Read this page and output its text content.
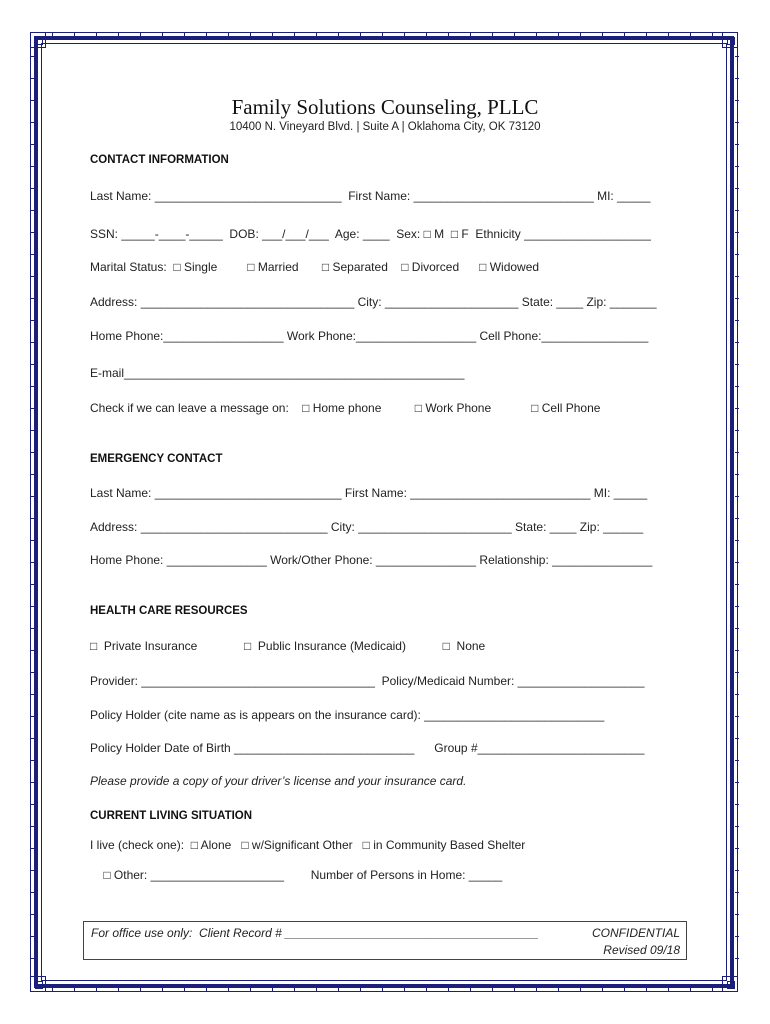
Family Solutions Counseling, PLLC
10400 N. Vineyard Blvd. | Suite A | Oklahoma City, OK 73120
CONTACT INFORMATION
Last Name: ____________________________  First Name: ___________________________ MI: _____
SSN: _____-____-_____  DOB: ___/___/___  Age: ____  Sex: □ M  □ F  Ethnicity ___________________
Marital Status:  □ Single         □ Married       □ Separated    □ Divorced      □ Widowed
Address: ________________________________ City: ____________________ State: ____ Zip: _______
Home Phone:__________________ Work Phone:__________________ Cell Phone:________________
E-mail___________________________________________________
Check if we can leave a message on:    □ Home phone          □ Work Phone            □ Cell Phone
EMERGENCY CONTACT
Last Name: ____________________________ First Name: ___________________________ MI: _____
Address: ____________________________ City: _______________________ State: ____ Zip: ______
Home Phone: _______________ Work/Other Phone: _______________ Relationship: _______________
HEALTH CARE RESOURCES
□  Private Insurance              □  Public Insurance (Medicaid)           □  None
Provider: ___________________________________  Policy/Medicaid Number: ___________________
Policy Holder (cite name as is appears on the insurance card): ___________________________
Policy Holder Date of Birth ___________________________      Group #_________________________
Please provide a copy of your driver’s license and your insurance card.
CURRENT LIVING SITUATION
I live (check one):  □ Alone   □ w/Significant Other   □ in Community Based Shelter
□ Other: ____________________        Number of Persons in Home: _____
For office use only:  Client Record # ______________________________________	CONFIDENTIAL
Revised 09/18
